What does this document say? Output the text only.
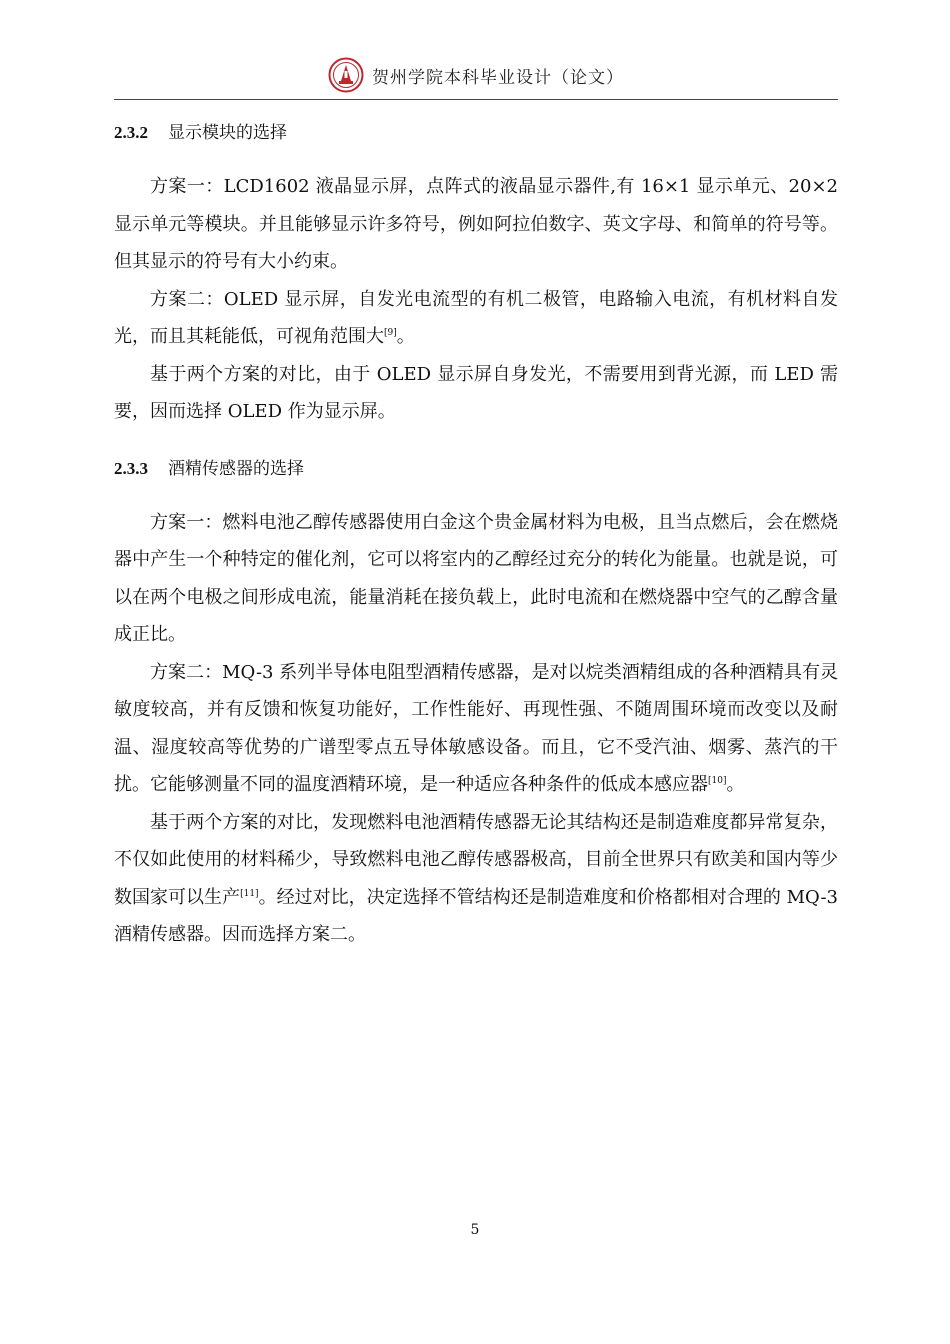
贺州学院本科毕业设计（论文）
2.3.2 显示模块的选择

方案一：LCD1602 液晶显示屏，点阵式的液晶显示器件,有 16×1 显示单元、20×2 显示单元等模块。并且能够显示许多符号，例如阿拉伯数字、英文字母、和简单的符号等。但其显示的符号有大小约束。

方案二：OLED 显示屏，自发光电流型的有机二极管，电路输入电流，有机材料自发光，而且其耗能低，可视角范围大[9]。

基于两个方案的对比，由于 OLED 显示屏自身发光，不需要用到背光源，而 LED 需要，因而选择 OLED 作为显示屏。

2.3.3 酒精传感器的选择

方案一：燃料电池乙醇传感器使用白金这个贵金属材料为电极，且当点燃后，会在燃烧器中产生一个种特定的催化剂，它可以将室内的乙醇经过充分的转化为能量。也就是说，可以在两个电极之间形成电流，能量消耗在接负载上，此时电流和在燃烧器中空气的乙醇含量成正比。

方案二：MQ-3 系列半导体电阻型酒精传感器，是对以烷类酒精组成的各种酒精具有灵敏度较高，并有反馈和恢复功能好，工作性能好、再现性强、不随周围环境而改变以及耐温、湿度较高等优势的广谱型零点五导体敏感设备。而且，它不受汽油、烟雾、蒸汽的干扰。它能够测量不同的温度酒精环境，是一种适应各种条件的低成本感应器[10]。

基于两个方案的对比，发现燃料电池酒精传感器无论其结构还是制造难度都异常复杂，不仅如此使用的材料稀少，导致燃料电池乙醇传感器极高，目前全世界只有欧美和国内等少数国家可以生产[11]。经过对比，决定选择不管结构还是制造难度和价格都相对合理的 MQ-3 酒精传感器。因而选择方案二。

5
